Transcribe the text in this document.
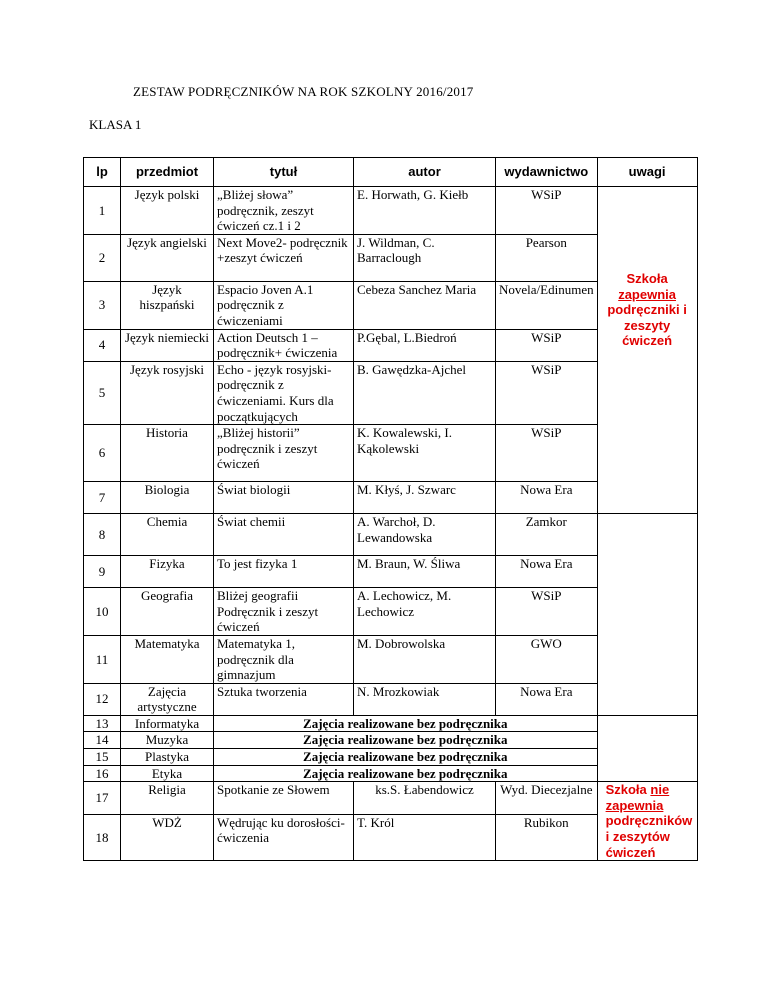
ZESTAW PODRĘCZNIKÓW NA ROK SZKOLNY 2016/2017
KLASA 1
lp	przedmiot	tytuł	autor	wydawnictwo	uwagi
1	Język polski	„Bliżej słowa” podręcznik, zeszyt ćwiczeń cz.1 i 2	E. Horwath, G. Kiełb	WSiP	Szkoła zapewnia
podręczniki i zeszyty ćwiczeń
2	Język angielski	Next Move2- podręcznik +zeszyt ćwiczeń	J. Wildman, C. Barraclough	Pearson	
3	Język hiszpański	Espacio Joven A.1 podręcznik z ćwiczeniami	Cebeza Sanchez Maria	Novela/Edinumen	
4	Język niemiecki	Action Deutsch 1 – podręcznik+ ćwiczenia	P.Gębal, L.Biedroń	WSiP	
5	Język rosyjski	Echo - język rosyjski- podręcznik z ćwiczeniami. Kurs dla początkujących	B. Gawędzka-Ajchel	WSiP	
6	Historia	„Bliżej historii” podręcznik i zeszyt ćwiczeń	K. Kowalewski, I. Kąkolewski	WSiP	
7	Biologia	Świat biologii	M. Kłyś, J. Szwarc	Nowa Era	
8	Chemia	Świat chemii	A. Warchoł, D. Lewandowska	Zamkor	
9	Fizyka	To jest fizyka 1	M. Braun, W. Śliwa	Nowa Era	
10	Geografia	Bliżej geografii Podręcznik i zeszyt ćwiczeń	A. Lechowicz, M. Lechowicz	WSiP	
11	Matematyka	Matematyka 1, podręcznik dla gimnazjum	M. Dobrowolska	GWO	
12	Zajęcia artystyczne	Sztuka tworzenia	N. Mrozkowiak	Nowa Era	
13	Informatyka	Zajęcia realizowane bez podręcznika			
14	Muzyka	Zajęcia realizowane bez podręcznika			
15	Plastyka	Zajęcia realizowane bez podręcznika			
16	Etyka	Zajęcia realizowane bez podręcznika			
17	Religia	Spotkanie ze Słowem	ks.S. Łabendowicz	Wyd. Diecezjalne	Szkoła nie zapewnia
podręczników i zeszytów ćwiczeń
18	WDŻ	Wędrując ku dorosłości- ćwiczenia	T. Król	Rubikon	
